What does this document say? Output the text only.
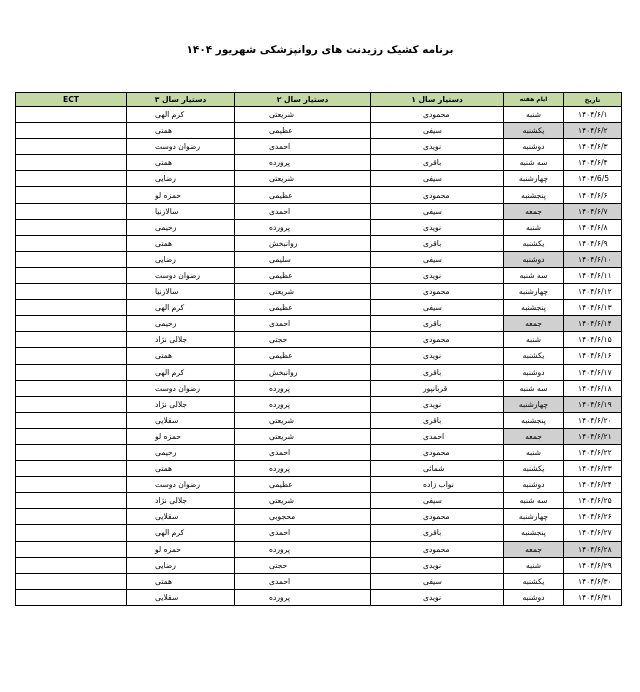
برنامه کشیک رزیدنت های روانپزشکی شهریور ۱۴۰۴
ECT	دستیار سال ۳	دستیار سال ۲	دستیار سال ۱	ایام هفته	تاریخ
	کرم الهی	شریعتی	محمودی	شنبه	۱۴۰۴/۶/۱
	همتی	عظیمی	سیفی	یکشنبه	۱۴۰۴/۶/۲
	رضوان دوست	احمدی	نویدی	دوشنبه	۱۴۰۴/۶/۳
	همتی	پرورده	باقری	سه شنبه	۱۴۰۴/۶/۴
	رضایی	شریعتی	سیفی	چهارشنبه	۱۴۰۴/6/5
	حمزه لو	عظیمی	محمودی	پنجشنبه	۱۴۰۴/۶/۶
	سالارنیا	احمدی	سیفی	جمعه	۱۴۰۴/۶/۷
	رحیمی	پرورده	نویدی	شنبه	۱۴۰۴/۶/۸
	همتی	روانبخش	باقری	یکشنبه	۱۴۰۴/۶/۹
	رضایی	سلیمی	سیفی	دوشنبه	۱۴۰۴/۶/۱۰
	رضوان دوست	عظیمی	نویدی	سه شنبه	۱۴۰۴/۶/۱۱
	سالارنیا	شریعتی	محمودی	چهارشنبه	۱۴۰۴/۶/۱۲
	کرم الهی	عظیمی	سیفی	پنجشنبه	۱۴۰۴/۶/۱۳
	رحیمی	احمدی	باقری	جمعه	۱۴۰۴/۶/۱۴
	جلالی نژاد	حجتی	محمودی	شنبه	۱۴۰۴/۶/۱۵
	همتی	عظیمی	نویدی	یکشنبه	۱۴۰۴/۶/۱۶
	کرم الهی	روانبخش	باقری	دوشنبه	۱۴۰۴/۶/۱۷
	رضوان دوست	پرورده	قربانپور	سه شنبه	۱۴۰۴/۶/۱۸
	جلالی نژاد	پرورده	نویدی	چهارشنبه	۱۴۰۴/۶/۱۹
	سقلایی	شریعتی	باقری	پنجشنبه	۱۴۰۴/۶/۲۰
	حمزه لو	شریعتی	احمدی	جمعه	۱۴۰۴/۶/۲۱
	رحیمی	احمدی	محمودی	شنبه	۱۴۰۴/۶/۲۲
	همتی	پرورده	شمائی	یکشنبه	۱۴۰۴/۶/۲۳
	رضوان دوست	عظیمی	نواب زاده	دوشنبه	۱۴۰۴/۶/۲۴
	جلالی نژاد	شریعتی	سیفی	سه شنبه	۱۴۰۴/۶/۲۵
	سقلایی	محجوبی	محمودی	چهارشنبه	۱۴۰۴/۶/۲۶
	کرم الهی	احمدی	باقری	پنجشنبه	۱۴۰۴/۶/۲۷
	حمزه لو	پرورده	محمودی	جمعه	۱۴۰۴/۶/۲۸
	رضایی	حجتی	نویدی	شنبه	۱۴۰۴/۶/۲۹
	همتی	احمدی	سیفی	یکشنبه	۱۴۰۴/۶/۳۰
	سقلایی	پرورده	نویدی	دوشنبه	۱۴۰۴/۶/۳۱
